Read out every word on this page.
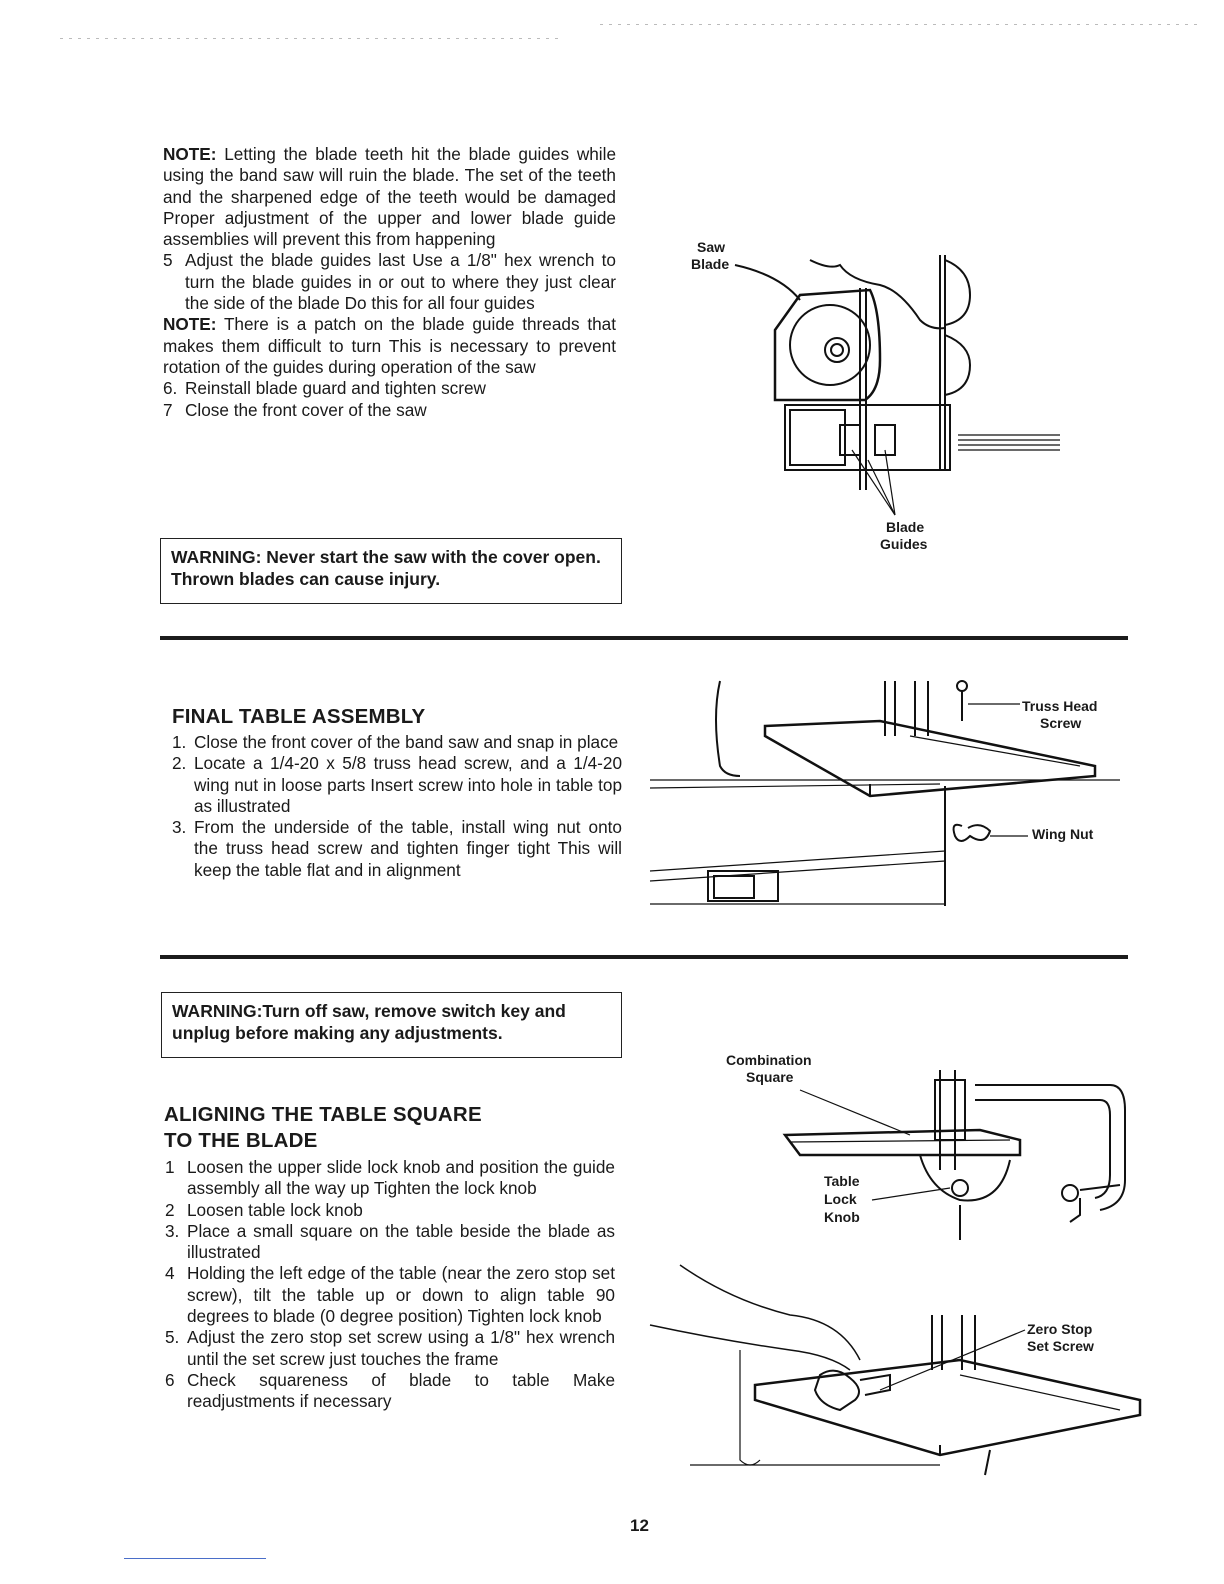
NOTE: Letting the blade teeth hit the blade guides while using the band saw will ruin the blade. The set of the teeth and the sharpened edge of the teeth would be damaged Proper adjustment of the upper and lower blade guide assemblies will prevent this from happening

5 Adjust the blade guides last Use a 1/8" hex wrench to turn the blade guides in or out to where they just clear the side of the blade Do this for all four guides

NOTE: There is a patch on the blade guide threads that makes them difficult to turn This is necessary to prevent rotation of the guides during operation of the saw

6. Reinstall blade guard and tighten screw

7 Close the front cover of the saw

WARNING: Never start the saw with the cover open. Thrown blades can cause injury.
Saw
Blade
Blade
Guides
FINAL TABLE ASSEMBLY

1. Close the front cover of the band saw and snap in place

2. Locate a 1/4-20 x 5/8 truss head screw, and a 1/4-20 wing nut in loose parts Insert screw into hole in table top as illustrated

3. From the underside of the table, install wing nut onto the truss head screw and tighten finger tight This will keep the table flat and in alignment

Truss Head
Screw
Wing Nut
WARNING:Turn off saw, remove switch key and unplug before making any adjustments.
ALIGNING THE TABLE SQUARE
TO THE BLADE

1 Loosen the upper slide lock knob and position the guide assembly all the way up Tighten the lock knob

2 Loosen table lock knob

3. Place a small square on the table beside the blade as illustrated

4 Holding the left edge of the table (near the zero stop set screw), tilt the table up or down to align table 90 degrees to blade (0 degree position) Tighten lock knob

5. Adjust the zero stop set screw using a 1/8" hex wrench until the set screw just touches the frame

6 Check squareness of blade to table Make readjustments if necessary

Combination
Square
Table
Lock
Knob
Zero Stop
Set Screw
12
